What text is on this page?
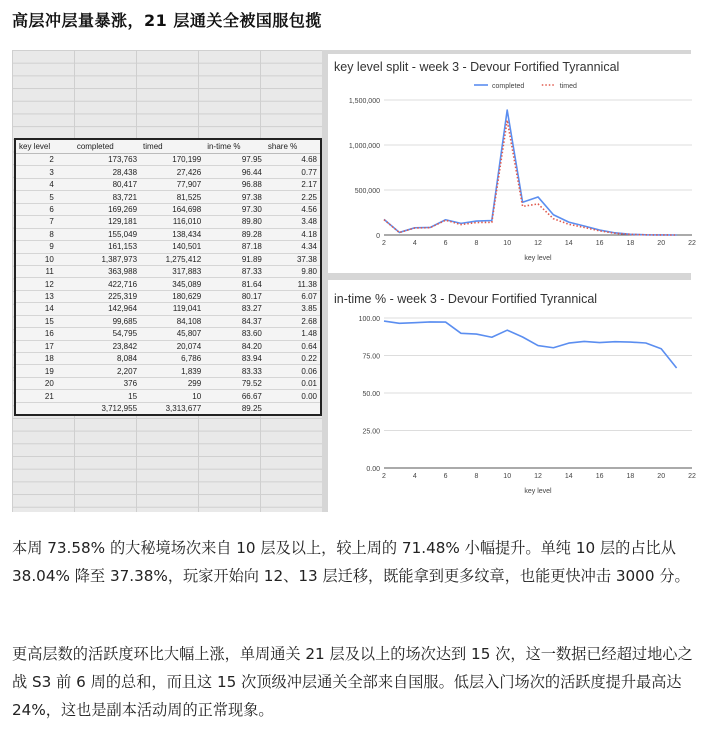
高层冲层量暴涨，21 层通关全被国服包揽
key level	completed	timed	in-time %	share %
2	173,763	170,199	97.95	4.68
3	28,438	27,426	96.44	0.77
4	80,417	77,907	96.88	2.17
5	83,721	81,525	97.38	2.25
6	169,269	164,698	97.30	4.56
7	129,181	116,010	89.80	3.48
8	155,049	138,434	89.28	4.18
9	161,153	140,501	87.18	4.34
10	1,387,973	1,275,412	91.89	37.38
11	363,988	317,883	87.33	9.80
12	422,716	345,089	81.64	11.38
13	225,319	180,629	80.17	6.07
14	142,964	119,041	83.27	3.85
15	99,685	84,108	84.37	2.68
16	54,795	45,807	83.60	1.48
17	23,842	20,074	84.20	0.64
18	8,084	6,786	83.94	0.22
19	2,207	1,839	83.33	0.06
20	376	299	79.52	0.01
21	15	10	66.67	0.00
	3,712,955	3,313,677	89.25	
key level split - week 3 - Devour Fortified Tyrannical
0
500,000
1,000,000
1,500,000
2	4	6	8	10	12	14	16	18	20	22
key level
completed	timed
in-time % - week 3 - Devour Fortified Tyrannical
0.00
25.00
50.00
75.00
100.00
2	4	6	8	10	12	14	16	18	20	22
key level
本周 73.58% 的大秘境场次来自 10 层及以上，较上周的 71.48% 小幅提升。单纯 10 层的占比从 38.04% 降至 37.38%，玩家开始向 12、13 层迁移，既能拿到更多纹章，也能更快冲击 3000 分。
更高层数的活跃度环比大幅上涨，单周通关 21 层及以上的场次达到 15 次，这一数据已经超过地心之战 S3 前 6 周的总和，而且这 15 次顶级冲层通关全部来自国服。低层入门场次的活跃度提升最高达 24%，这也是副本活动周的正常现象。
